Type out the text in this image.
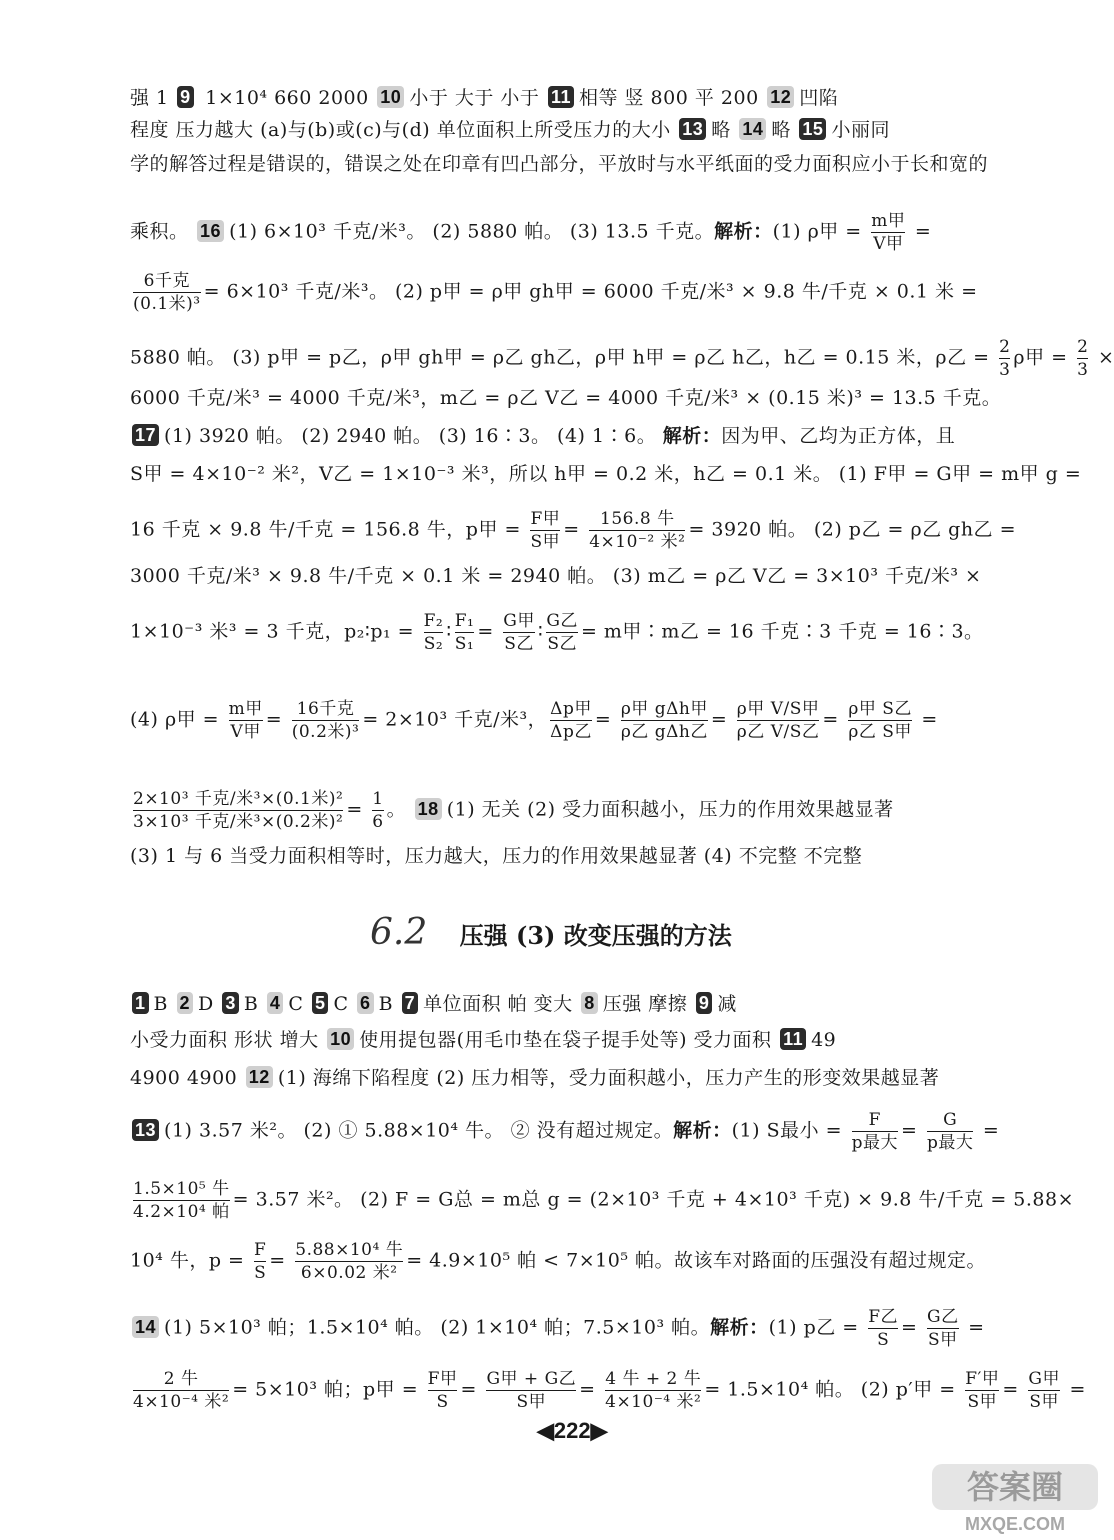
强 1 9 1×10⁴ 660 2000 10 小于 大于 小于 11 相等 竖 800 平 200 12 凹陷
程度 压力越大 (a)与(b)或(c)与(d) 单位面积上所受压力的大小 13 略 14 略 15 小丽同
学的解答过程是错误的，错误之处在印章有凹凸部分，平放时与水平纸面的受力面积应小于长和宽的
乘积。 16 (1) 6×10³ 千克/米³。 (2) 5880 帕。 (3) 13.5 千克。解析：(1) ρ甲 = $\frac{\text{m甲}}{\text{V甲}}$ =
$\frac{\text{6千克}}{\text{(0.1米)³}} = 6\times 10^3$ 千克/米³。 (2) p甲 = ρ甲 gh甲 = 6000 千克/米³ × 9.8 牛/千克 × 0.1 米 =
5880 帕。 (3) p甲 = p乙，ρ甲 gh甲 = ρ乙 gh乙，ρ甲 h甲 = ρ乙 h乙，h乙 = 0.15 米，ρ乙 = $\frac{2}{3}$ ρ甲 = $\frac{2}{3}$ ×
6000 千克/米³ = 4000 千克/米³，m乙 = ρ乙 V乙 = 4000 千克/米³ × (0.15 米)³ = 13.5 千克。
17 (1) 3920 帕。 (2) 2940 帕。 (3) 16∶3。 (4) 1∶6。 解析：因为甲、乙均为正方体，且
S甲 = 4×10⁻² 米²，V乙 = 1×10⁻³ 米³，所以 h甲 = 0.2 米，h乙 = 0.1 米。 (1) F甲 = G甲 = m甲 g =
16 千克 × 9.8 牛/千克 = 156.8 牛，p甲 = $\frac{\text{F甲}}{\text{S甲}} = \frac{\text{156.8 牛}}{\text{4×10⁻² 米²}} = 3920$ 帕。 (2) p乙 = ρ乙 gh乙 =
3000 千克/米³ × 9.8 牛/千克 × 0.1 米 = 2940 帕。 (3) m乙 = ρ乙 V乙 = 3×10³ 千克/米³ ×
1×10⁻³ 米³ = 3 千克，p₂∶p₁ = $\frac{\text{F₂}}{\text{S₂}}$ ∶ $\frac{\text{F₁}}{\text{S₁}} = \frac{\text{G甲}}{\text{S乙}}$ ∶ $\frac{\text{G乙}}{\text{S乙}} = m$甲∶m乙 = 16 千克∶3 千克 = 16∶3。
(4) ρ甲 = $\frac{\text{m甲}}{\text{V甲}} = \frac{\text{16千克}}{\text{(0.2米)³}} = 2\times 10^3$ 千克/米³， $\frac{\text{Δp甲}}{\text{Δp乙}} = \frac{\text{ρ甲 gΔh甲}}{\text{ρ乙 gΔh乙}} = \frac{\text{ρ甲 V/S甲}}{\text{ρ乙 V/S乙}} = \frac{\text{ρ甲 S乙}}{\text{ρ乙 S甲}}$ =
$\frac{\text{2×10³ 千克/米³×(0.1米)²}}{\text{3×10³ 千克/米³×(0.2米)²}} = \frac{1}{6}$ 。 18 (1) 无关 (2) 受力面积越小，压力的作用效果越显著
(3) 1 与 6 当受力面积相等时，压力越大，压力的作用效果越显著 (4) 不完整 不完整
1 B 2 D 3 B 4 C 5 C 6 B 7 单位面积 帕 变大 8 压强 摩擦 9 减
小受力面积 形状 增大 10 使用提包器(用毛巾垫在袋子提手处等) 受力面积 11 49
4900 4900 12 (1) 海绵下陷程度 (2) 压力相等，受力面积越小，压力产生的形变效果越显著
13 (1) 3.57 米²。 (2) ① 5.88×10⁴ 牛。 ② 没有超过规定。解析：(1) S最小 = $\frac{F}{\text{p最大}} = \frac{G}{\text{p最大}}$ =
$\frac{\text{1.5×10⁵ 牛}}{\text{4.2×10⁴ 帕}} = 3.57$ 米²。 (2) F = G总 = m总 g = (2×10³ 千克 + 4×10³ 千克) × 9.8 牛/千克 = 5.88×
10⁴ 牛，$p = \frac{F}{S} = \frac{\text{5.88×10⁴ 牛}}{\text{6×0.02 米²}} = 4.9\times 10^5$ 帕 < 7×10⁵ 帕。故该车对路面的压强没有超过规定。
14 (1) 5×10³ 帕；1.5×10⁴ 帕。 (2) 1×10⁴ 帕；7.5×10³ 帕。解析：(1) p乙 = $\frac{\text{F乙}}{S} = \frac{\text{G乙}}{\text{S甲}}$ =
$\frac{\text{2 牛}}{\text{4×10⁻⁴ 米²}} = 5\times 10^3$ 帕；p甲 = $\frac{\text{F甲}}{S} = \frac{\text{G甲 + G乙}}{\text{S甲}} = \frac{\text{4 牛 + 2 牛}}{\text{4×10⁻⁴ 米²}} = 1.5\times 10^4$ 帕。 (2) p′甲 = $\frac{\text{F′甲}}{\text{S甲}} = \frac{\text{G甲}}{\text{S甲}}$ =
6.2 压强 (3) 改变压强的方法
◀222▶
答案圈
MXQE.COM
